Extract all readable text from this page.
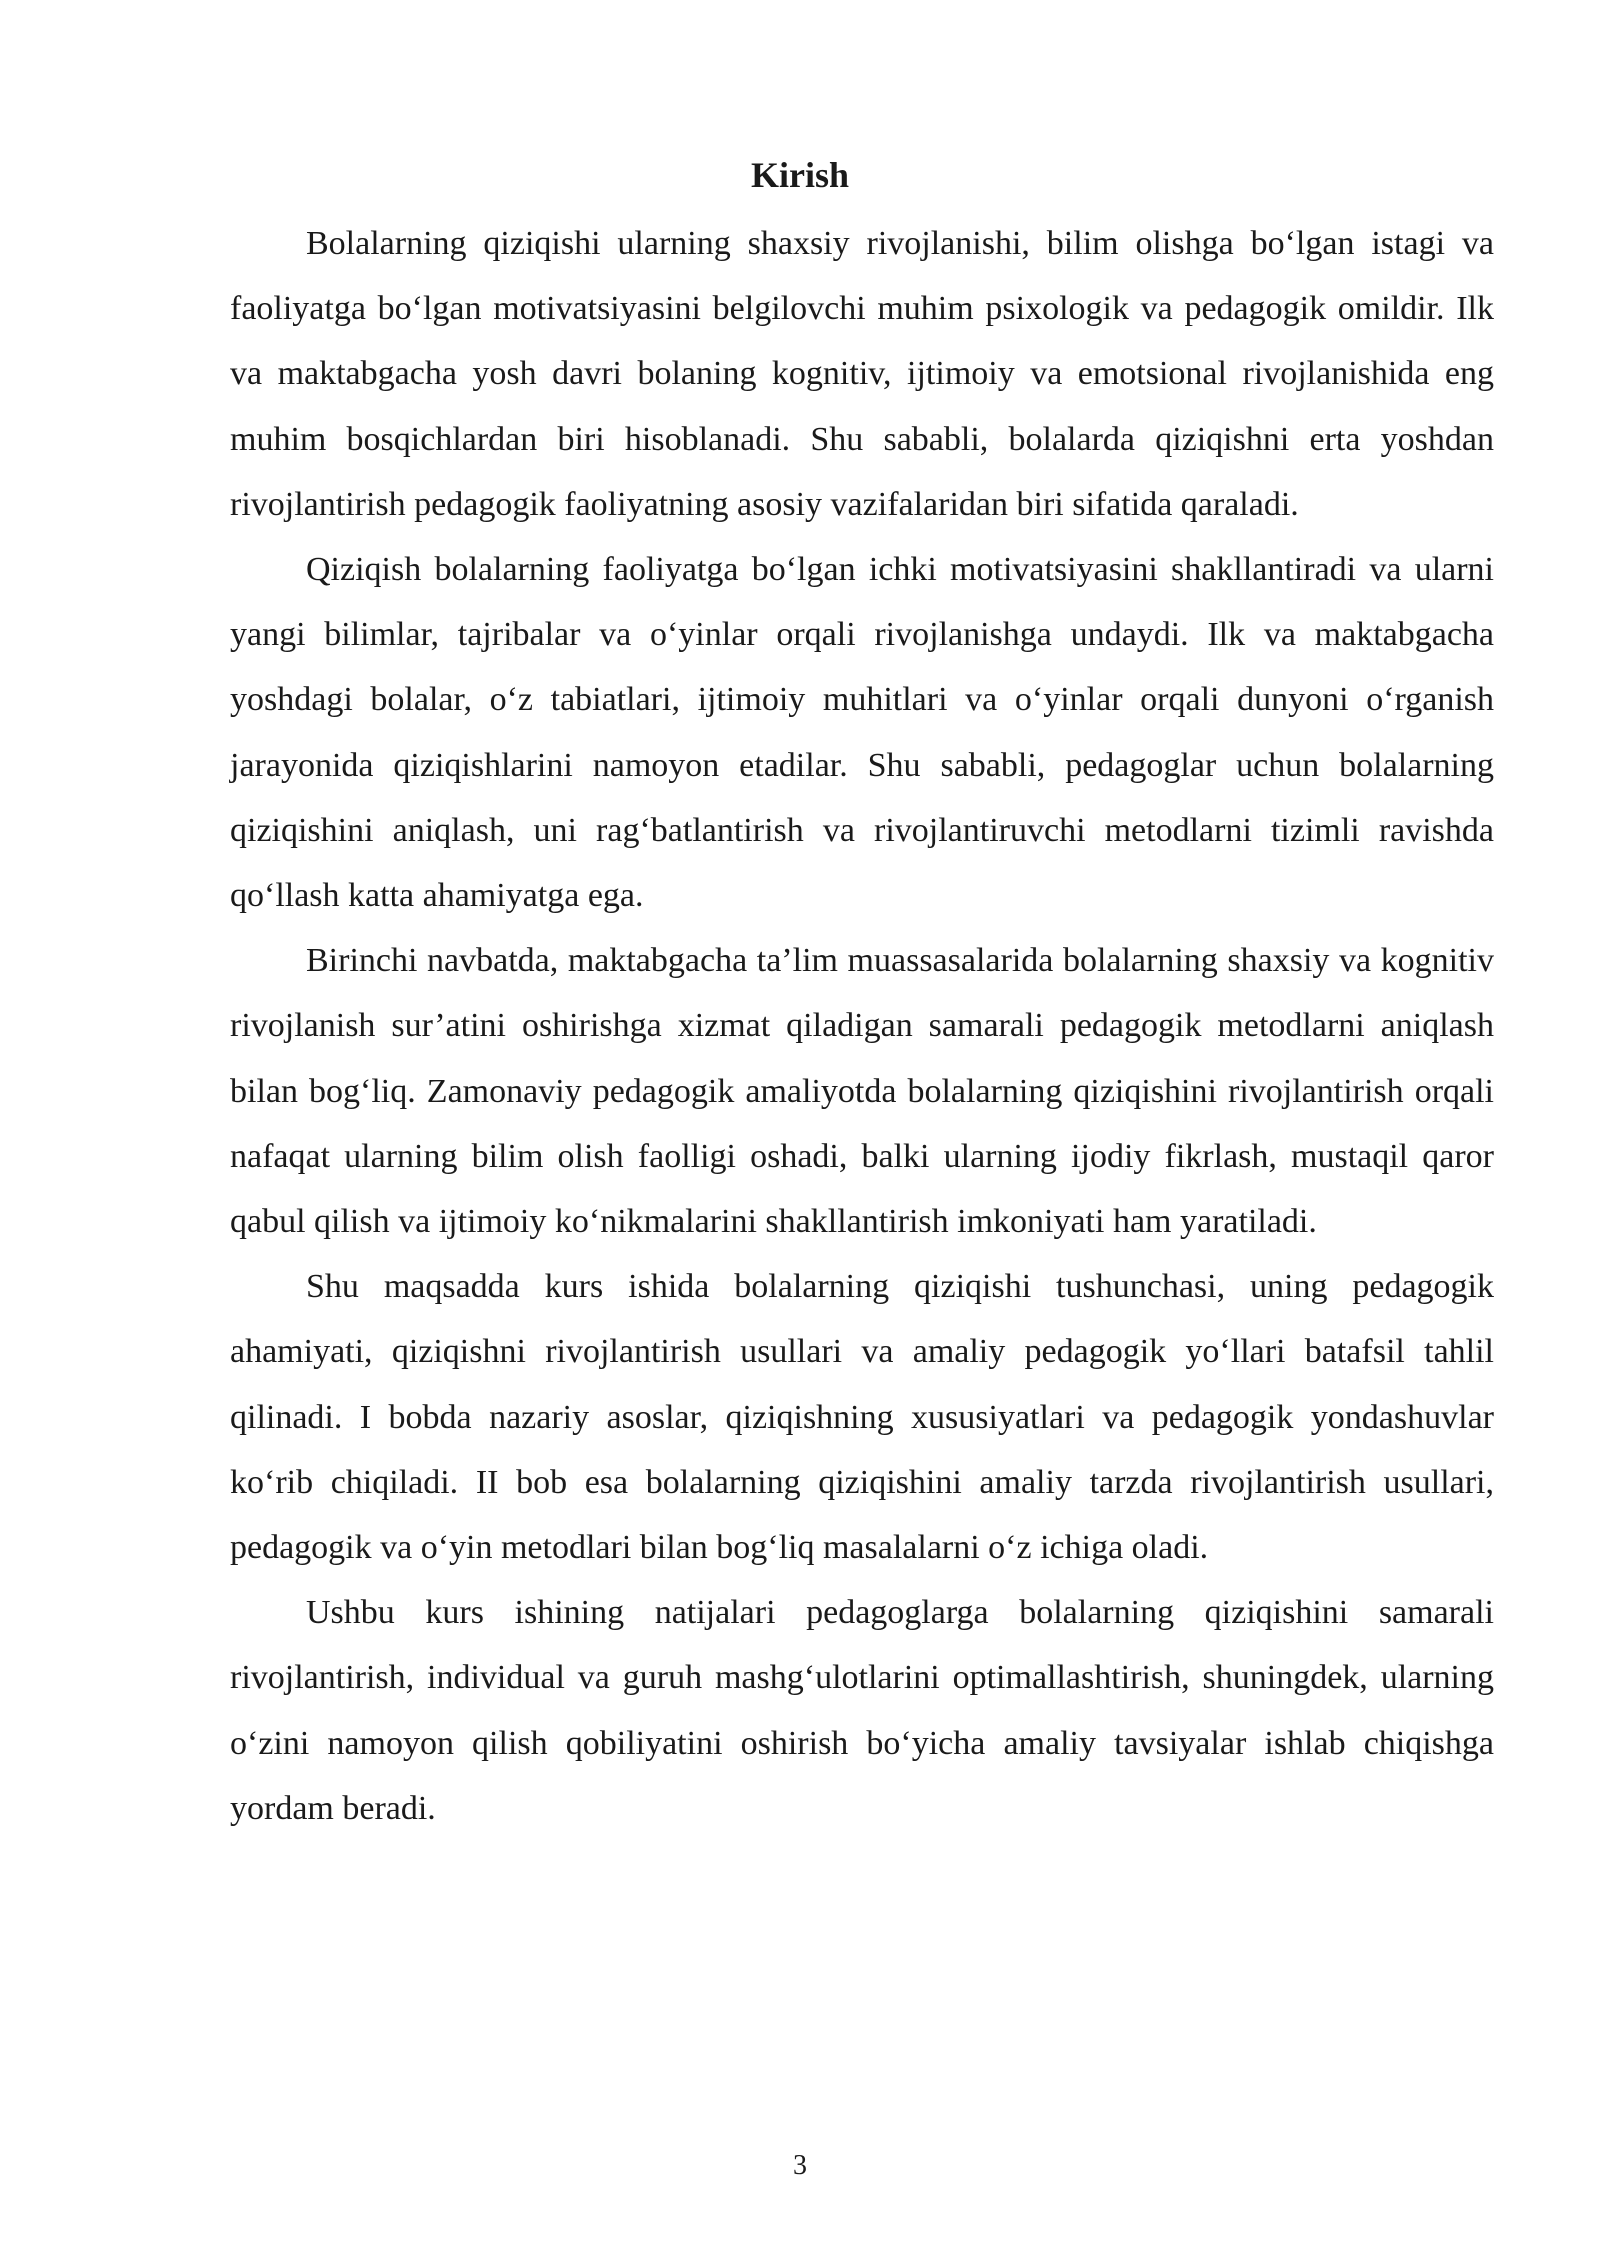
Kirish

Bolalarning qiziqishi ularning shaxsiy rivojlanishi, bilim olishga bo‘lgan istagi va faoliyatga bo‘lgan motivatsiyasini belgilovchi muhim psixologik va pedagogik omildir. Ilk va maktabgacha yosh davri bolaning kognitiv, ijtimoiy va emotsional rivojlanishida eng muhim bosqichlardan biri hisoblanadi. Shu sababli, bolalarda qiziqishni erta yoshdan rivojlantirish pedagogik faoliyatning asosiy vazifalaridan biri sifatida qaraladi.

Qiziqish bolalarning faoliyatga bo‘lgan ichki motivatsiyasini shakllantiradi va ularni yangi bilimlar, tajribalar va o‘yinlar orqali rivojlanishga undaydi. Ilk va maktabgacha yoshdagi bolalar, o‘z tabiatlari, ijtimoiy muhitlari va o‘yinlar orqali dunyoni o‘rganish jarayonida qiziqishlarini namoyon etadilar. Shu sababli, pedagoglar uchun bolalarning qiziqishini aniqlash, uni rag‘batlantirish va rivojlantiruvchi metodlarni tizimli ravishda qo‘llash katta ahamiyatga ega.

Birinchi navbatda, maktabgacha ta’lim muassasalarida bolalarning shaxsiy va kognitiv rivojlanish sur’atini oshirishga xizmat qiladigan samarali pedagogik metodlarni aniqlash bilan bog‘liq. Zamonaviy pedagogik amaliyotda bolalarning qiziqishini rivojlantirish orqali nafaqat ularning bilim olish faolligi oshadi, balki ularning ijodiy fikrlash, mustaqil qaror qabul qilish va ijtimoiy ko‘nikmalarini shakllantirish imkoniyati ham yaratiladi.

Shu maqsadda kurs ishida bolalarning qiziqishi tushunchasi, uning pedagogik ahamiyati, qiziqishni rivojlantirish usullari va amaliy pedagogik yo‘llari batafsil tahlil qilinadi. I bobda nazariy asoslar, qiziqishning xususiyatlari va pedagogik yondashuvlar ko‘rib chiqiladi. II bob esa bolalarning qiziqishini amaliy tarzda rivojlantirish usullari, pedagogik va o‘yin metodlari bilan bog‘liq masalalarni o‘z ichiga oladi.

Ushbu kurs ishining natijalari pedagoglarga bolalarning qiziqishini samarali rivojlantirish, individual va guruh mashg‘ulotlarini optimallashtirish, shuningdek, ularning o‘zini namoyon qilish qobiliyatini oshirish bo‘yicha amaliy tavsiyalar ishlab chiqishga yordam beradi.

3
